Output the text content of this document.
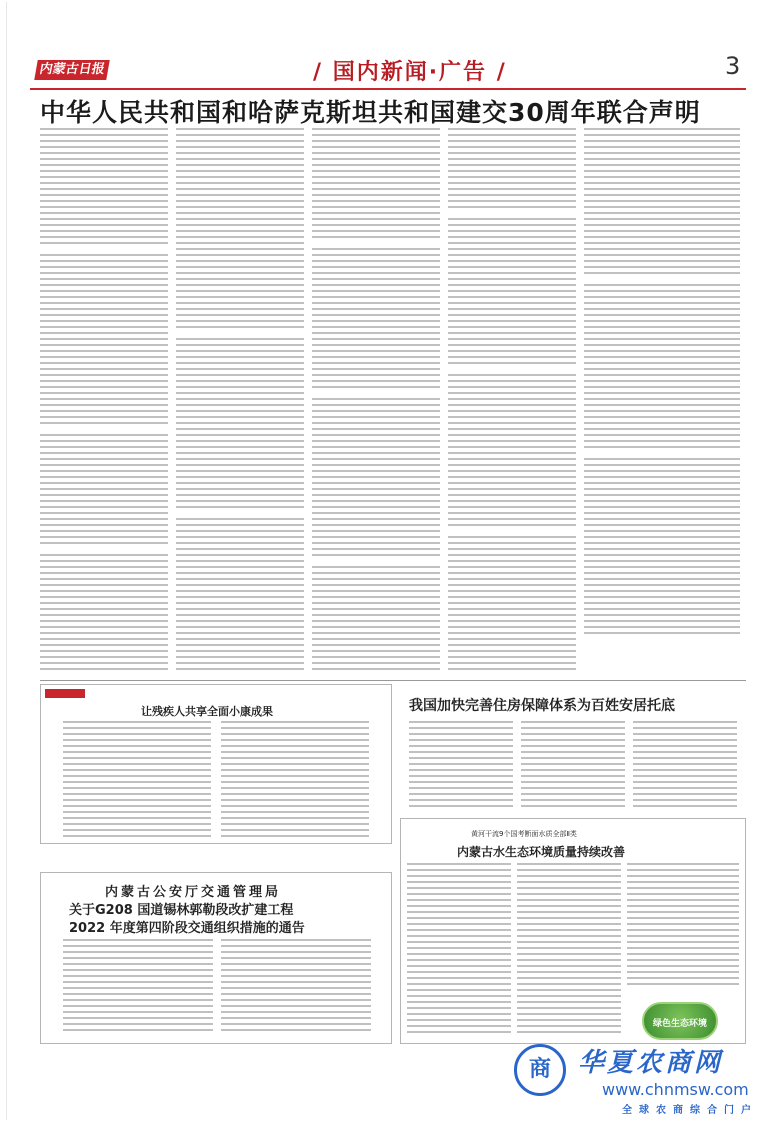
内蒙古日报	/ 国内新闻·广告 /	3
中华人民共和国和哈萨克斯坦共和国建交30周年联合声明
让残疾人共享全面小康成果	我国加快完善住房保障体系为百姓安居托底
黄河干流9个国考断面水质全部Ⅱ类
内蒙古水生态环境质量持续改善
内蒙古公安厅交通管理局
关于G208 国道锡林郭勒段改扩建工程
2022 年度第四阶段交通组织措施的通告
绿色生态环境
商	华夏农商网
www.chnmsw.com
全球农商综合门户
